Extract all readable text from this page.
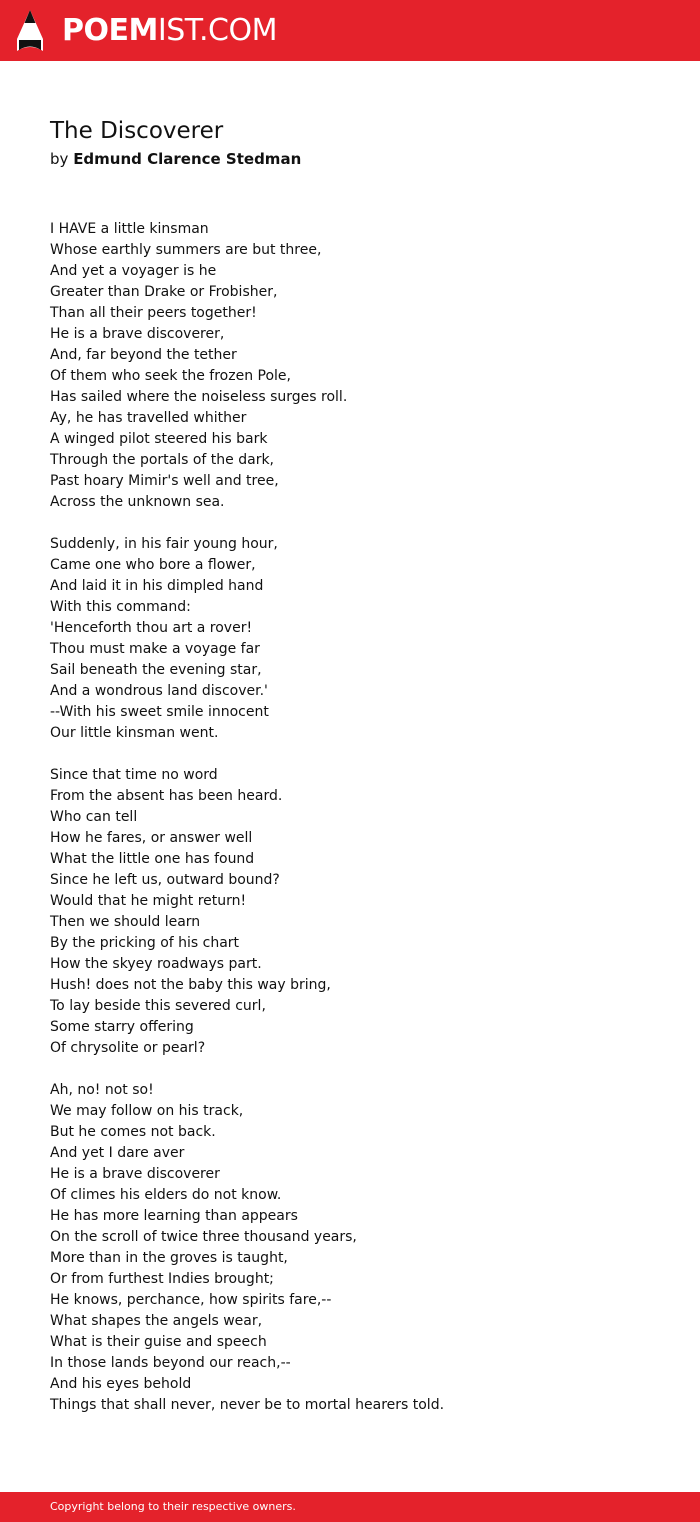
POEMIST.COM
The Discoverer
by Edmund Clarence Stedman
I HAVE a little kinsman
Whose earthly summers are but three,
And yet a voyager is he
Greater than Drake or Frobisher,
Than all their peers together!
He is a brave discoverer,
And, far beyond the tether
Of them who seek the frozen Pole,
Has sailed where the noiseless surges roll.
Ay, he has travelled whither
A winged pilot steered his bark
Through the portals of the dark,
Past hoary Mimir's well and tree,
Across the unknown sea.
Suddenly, in his fair young hour,
Came one who bore a flower,
And laid it in his dimpled hand
With this command:
'Henceforth thou art a rover!
Thou must make a voyage far
Sail beneath the evening star,
And a wondrous land discover.'
--With his sweet smile innocent
Our little kinsman went.
Since that time no word
From the absent has been heard.
Who can tell
How he fares, or answer well
What the little one has found
Since he left us, outward bound?
Would that he might return!
Then we should learn
By the pricking of his chart
How the skyey roadways part.
Hush! does not the baby this way bring,
To lay beside this severed curl,
Some starry offering
Of chrysolite or pearl?
Ah, no! not so!
We may follow on his track,
But he comes not back.
And yet I dare aver
He is a brave discoverer
Of climes his elders do not know.
He has more learning than appears
On the scroll of twice three thousand years,
More than in the groves is taught,
Or from furthest Indies brought;
He knows, perchance, how spirits fare,--
What shapes the angels wear,
What is their guise and speech
In those lands beyond our reach,--
And his eyes behold
Things that shall never, never be to mortal hearers told.
Copyright belong to their respective owners.
